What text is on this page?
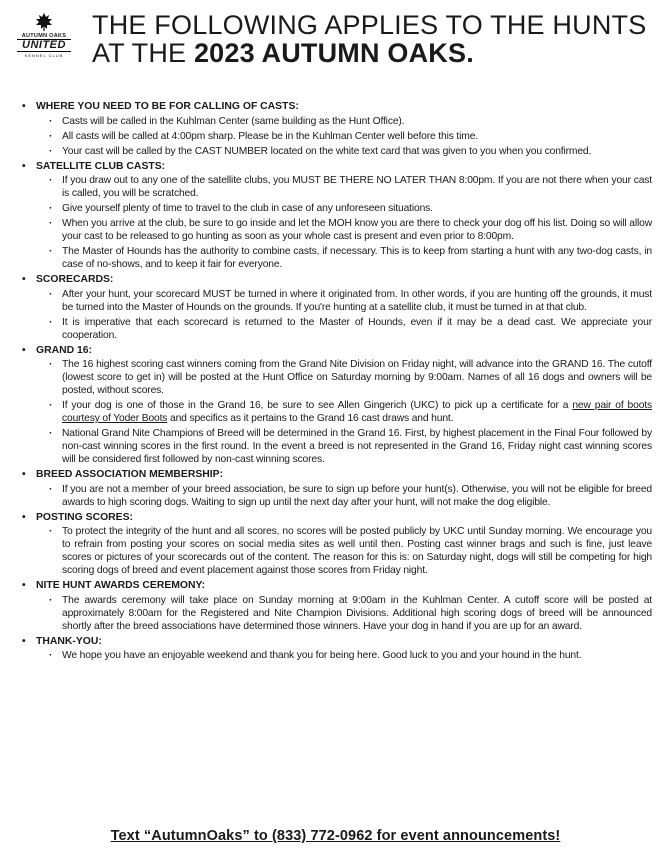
AUTUMN OAKS
UNITED
KENNEL CLUB
THE FOLLOWING APPLIES TO THE HUNTS
AT THE 2023 AUTUMN OAKS.
• WHERE YOU NEED TO BE FOR CALLING OF CASTS:
· Casts will be called in the Kuhlman Center (same building as the Hunt Office).
· All casts will be called at 4:00pm sharp. Please be in the Kuhlman Center well before this time.
· Your cast will be called by the CAST NUMBER located on the white text card that was given to you when you confirmed.
• SATELLITE CLUB CASTS:
· If you draw out to any one of the satellite clubs, you MUST BE THERE NO LATER THAN 8:00pm. If you are not there when your cast is called, you will be scratched.
· Give yourself plenty of time to travel to the club in case of any unforeseen situations.
· When you arrive at the club, be sure to go inside and let the MOH know you are there to check your dog off his list. Doing so will allow your cast to be released to go hunting as soon as your whole cast is present and even prior to 8:00pm.
· The Master of Hounds has the authority to combine casts, if necessary. This is to keep from starting a hunt with any two-dog casts, in case of no-shows, and to keep it fair for everyone.
• SCORECARDS:
· After your hunt, your scorecard MUST be turned in where it originated from. In other words, if you are hunting off the grounds, it must be turned into the Master of Hounds on the grounds. If you're hunting at a satellite club, it must be turned in at that club.
· It is imperative that each scorecard is returned to the Master of Hounds, even if it may be a dead cast. We appreciate your cooperation.
• GRAND 16:
· The 16 highest scoring cast winners coming from the Grand Nite Division on Friday night, will advance into the GRAND 16. The cutoff (lowest score to get in) will be posted at the Hunt Office on Saturday morning by 9:00am. Names of all 16 dogs and owners will be posted, without scores.
· If your dog is one of those in the Grand 16, be sure to see Allen Gingerich (UKC) to pick up a certificate for a new pair of boots courtesy of Yoder Boots and specifics as it pertains to the Grand 16 cast draws and hunt.
· National Grand Nite Champions of Breed will be determined in the Grand 16. First, by highest placement in the Final Four followed by non-cast winning scores in the first round. In the event a breed is not represented in the Grand 16, Friday night cast winning scores will be considered first followed by non-cast winning scores.
• BREED ASSOCIATION MEMBERSHIP:
· If you are not a member of your breed association, be sure to sign up before your hunt(s). Otherwise, you will not be eligible for breed awards to high scoring dogs. Waiting to sign up until the next day after your hunt, will not make the dog eligible.
• POSTING SCORES:
· To protect the integrity of the hunt and all scores, no scores will be posted publicly by UKC until Sunday morning. We encourage you to refrain from posting your scores on social media sites as well until then. Posting cast winner brags and such is fine, just leave scores or pictures of your scorecards out of the content. The reason for this is: on Saturday night, dogs will still be competing for high scoring dogs of breed and event placement against those scores from Friday night.
• NITE HUNT AWARDS CEREMONY:
· The awards ceremony will take place on Sunday morning at 9:00am in the Kuhlman Center. A cutoff score will be posted at approximately 8:00am for the Registered and Nite Champion Divisions. Additional high scoring dogs of breed will be announced shortly after the breed associations have determined those winners. Have your dog in hand if you are up for an award.
• THANK-YOU:
· We hope you have an enjoyable weekend and thank you for being here. Good luck to you and your hound in the hunt.
Text “AutumnOaks” to (833) 772-0962 for event announcements!
